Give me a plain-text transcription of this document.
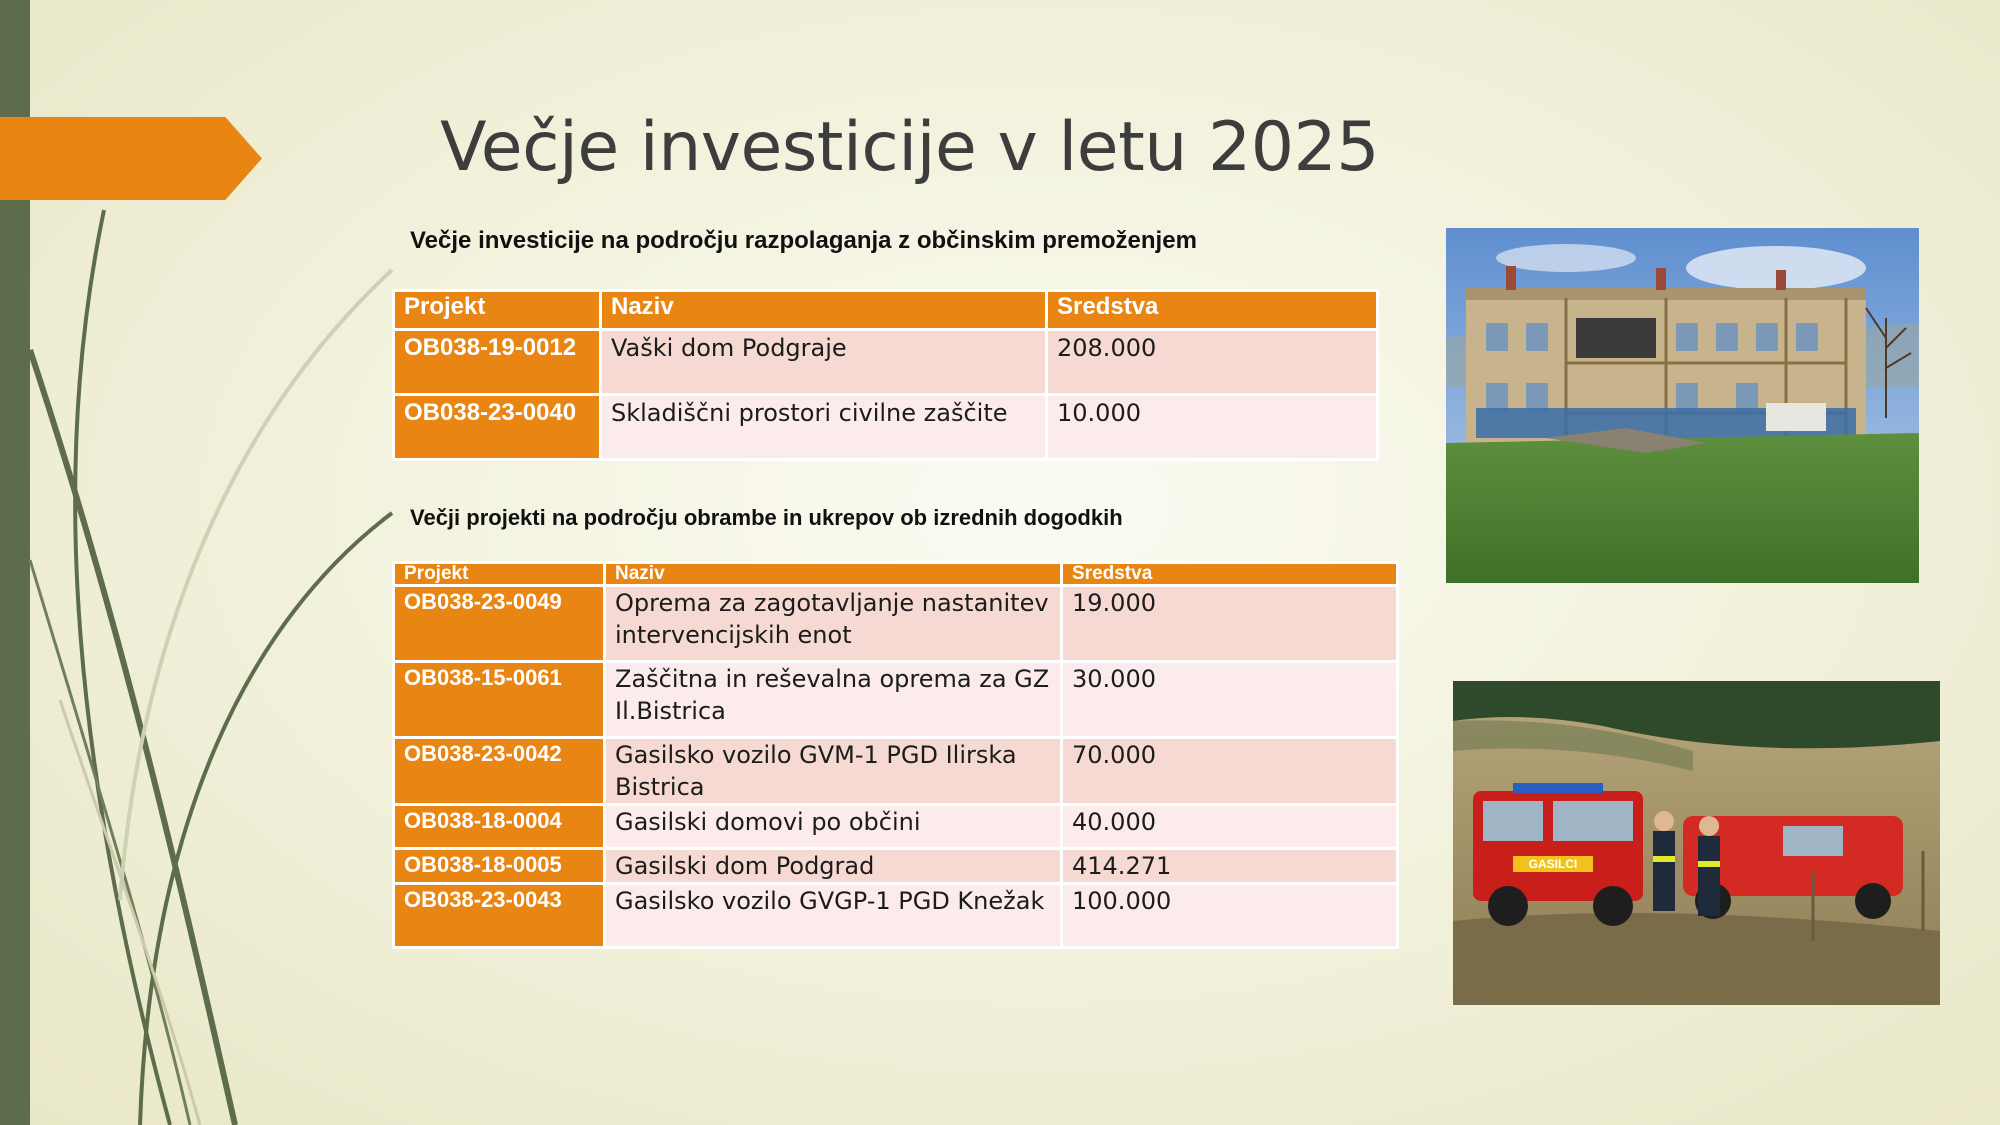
Večje investicije v letu 2025
Večje investicije na področju razpolaganja z občinskim premoženjem
Projekt	Naziv	Sredstva
OB038-19-0012	Vaški dom Podgraje	208.000
OB038-23-0040	Skladiščni prostori civilne zaščite	10.000
Večji projekti na področju obrambe in ukrepov ob izrednih dogodkih
Projekt	Naziv	Sredstva
OB038-23-0049	Oprema za zagotavljanje nastanitev intervencijskih enot	19.000
OB038-15-0061	Zaščitna in reševalna oprema za GZ Il.Bistrica	30.000
OB038-23-0042	Gasilsko vozilo GVM-1 PGD Ilirska Bistrica	70.000
OB038-18-0004	Gasilski domovi po občini	40.000
OB038-18-0005	Gasilski dom Podgrad	414.271
OB038-23-0043	Gasilsko vozilo GVGP-1 PGD Knežak	100.000
GASILCI
